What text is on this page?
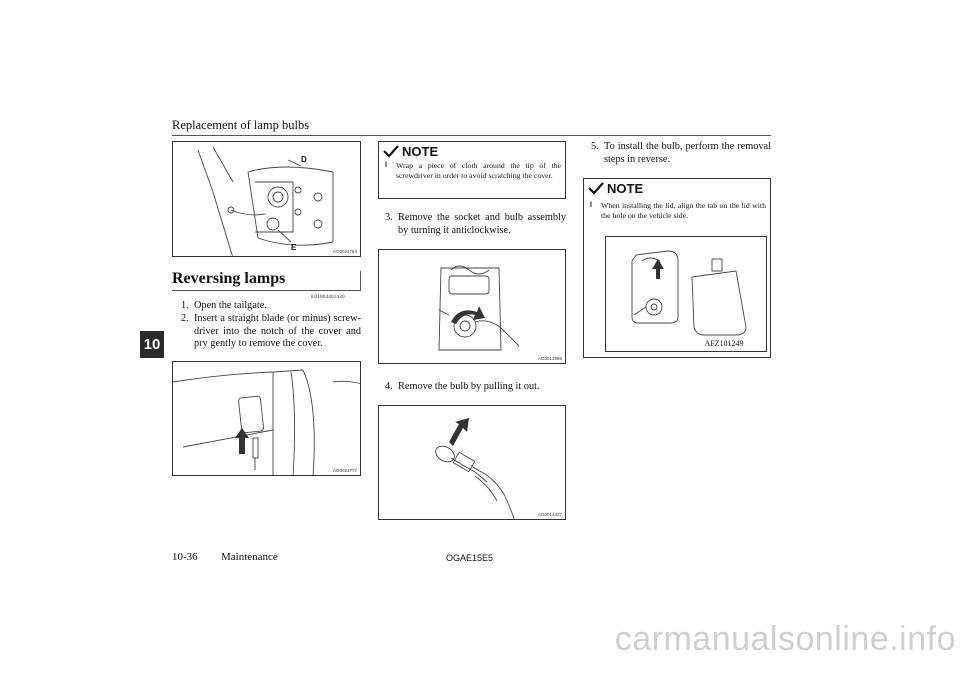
Replacement of lamp bulbs
10
D
E	AG0021764
Reversing lamps
E01004401430
1. Open the tailgate.
2. Insert a straight blade (or minus) screw-driver into the notch of the cover and pry gently to remove the cover.
AG0023777
NOTE
l Wrap a piece of cloth around the tip of the screwdriver in order to avoid scratching the cover.
3. Remove the socket and bulb assembly by turning it anticlockwise.
AG0013996
4. Remove the bulb by pulling it out.
AG0014427
5. To install the bulb, perform the removal steps in reverse.
NOTE
l When installing the lid, align the tab on the lid with the hole on the vehicle side.
AFZ101249
10-36 Maintenance	OGAE15E5
carmanualsonline.info
